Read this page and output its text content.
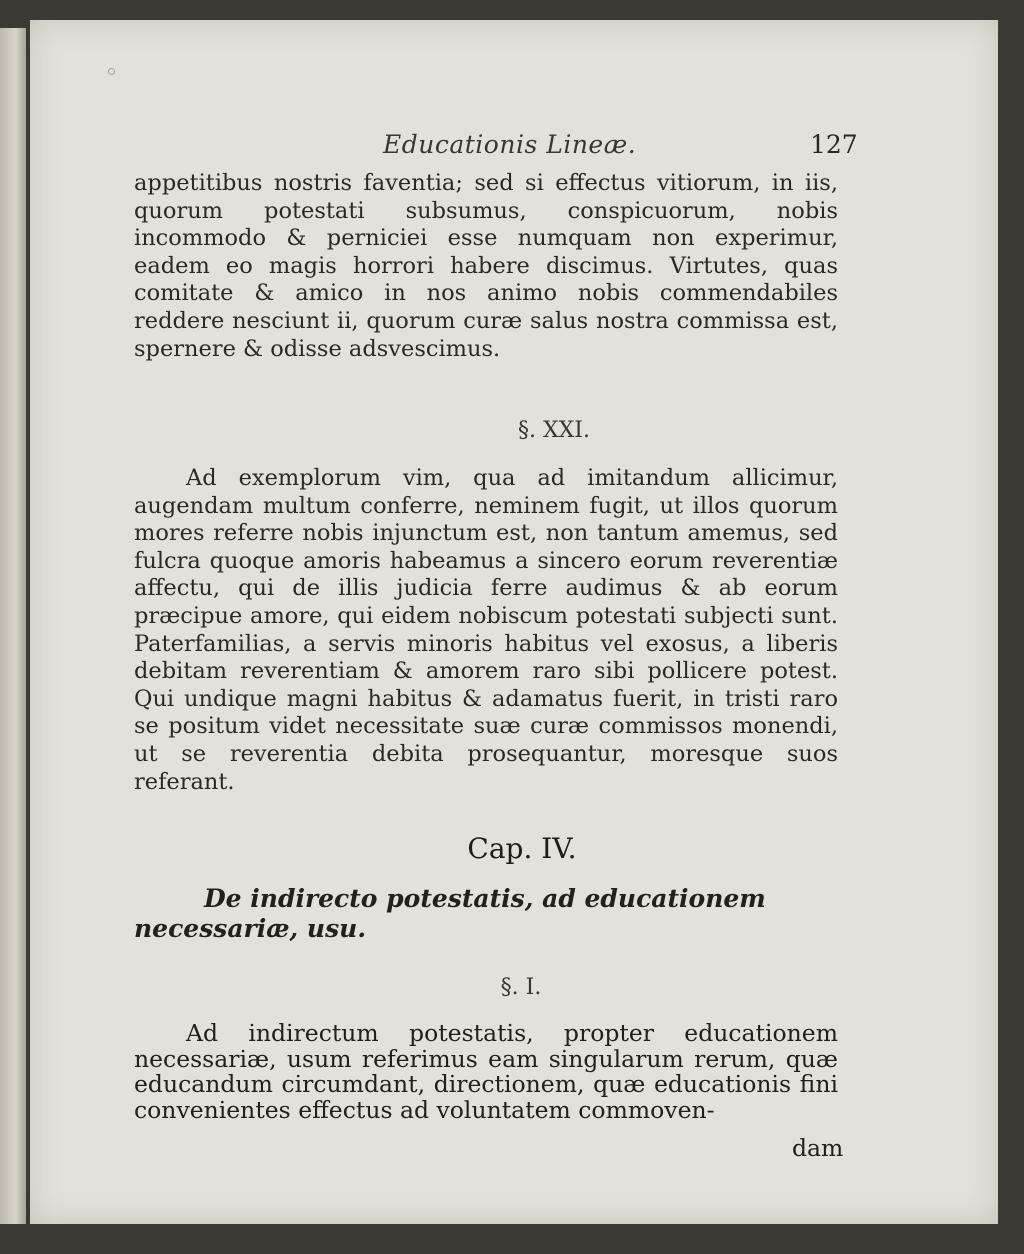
Educationis Lineæ.	127

appetitibus nostris faventia; sed si effectus vitiorum, in iis, quorum potestati subsumus, conspicuorum, nobis incommodo & perniciei esse numquam non experimur, eadem eo magis horrori habere discimus. Virtutes, quas comitate & amico in nos animo nobis commendabiles reddere nesciunt ii, quorum curæ salus nostra commissa est, spernere & odisse adsvescimus.

§. XXI.

Ad exemplorum vim, qua ad imitandum allicimur, augendam multum conferre, neminem fugit, ut illos quorum mores referre nobis injunctum est, non tantum amemus, sed fulcra quoque amoris habeamus a sincero eorum reverentiæ affectu, qui de illis judicia ferre audimus & ab eorum præcipue amore, qui eidem nobiscum potestati subjecti sunt. Paterfamilias, a servis minoris habitus vel exosus, a liberis debitam reverentiam & amorem raro sibi pollicere potest. Qui undique magni habitus & adamatus fuerit, in tristi raro se positum videt necessitate suæ curæ commissos monendi, ut se reverentia debita prosequantur, moresque suos referant.

Cap. IV.

De indirecto potestatis, ad educationem necessariæ, usu.

§. I.

Ad indirectum potestatis, propter educationem necessariæ, usum referimus eam singularum rerum, quæ educandum circumdant, directionem, quæ educationis fini convenientes effectus ad voluntatem commoven-

dam
